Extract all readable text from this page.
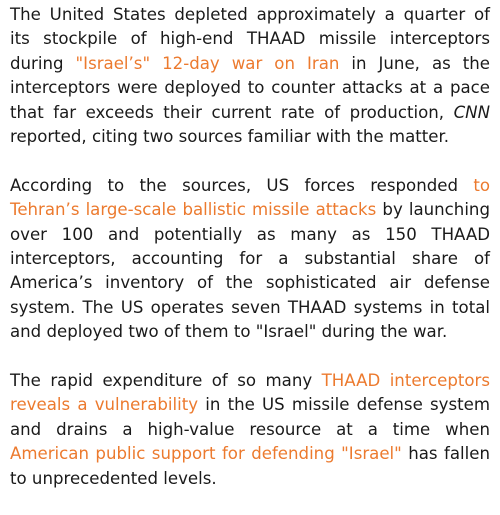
The United States depleted approximately a quarter of its stockpile of high-end THAAD missile interceptors during "Israel’s" 12-day war on Iran in June, as the interceptors were deployed to counter attacks at a pace that far exceeds their current rate of production, CNN reported, citing two sources familiar with the matter.

According to the sources, US forces responded to Tehran’s large-scale ballistic missile attacks by launching over 100 and potentially as many as 150 THAAD interceptors, accounting for a substantial share of America’s inventory of the sophisticated air defense system. The US operates seven THAAD systems in total and deployed two of them to "Israel" during the war.

The rapid expenditure of so many THAAD interceptors reveals a vulnerability in the US missile defense system and drains a high-value resource at a time when American public support for defending "Israel" has fallen to unprecedented levels.
